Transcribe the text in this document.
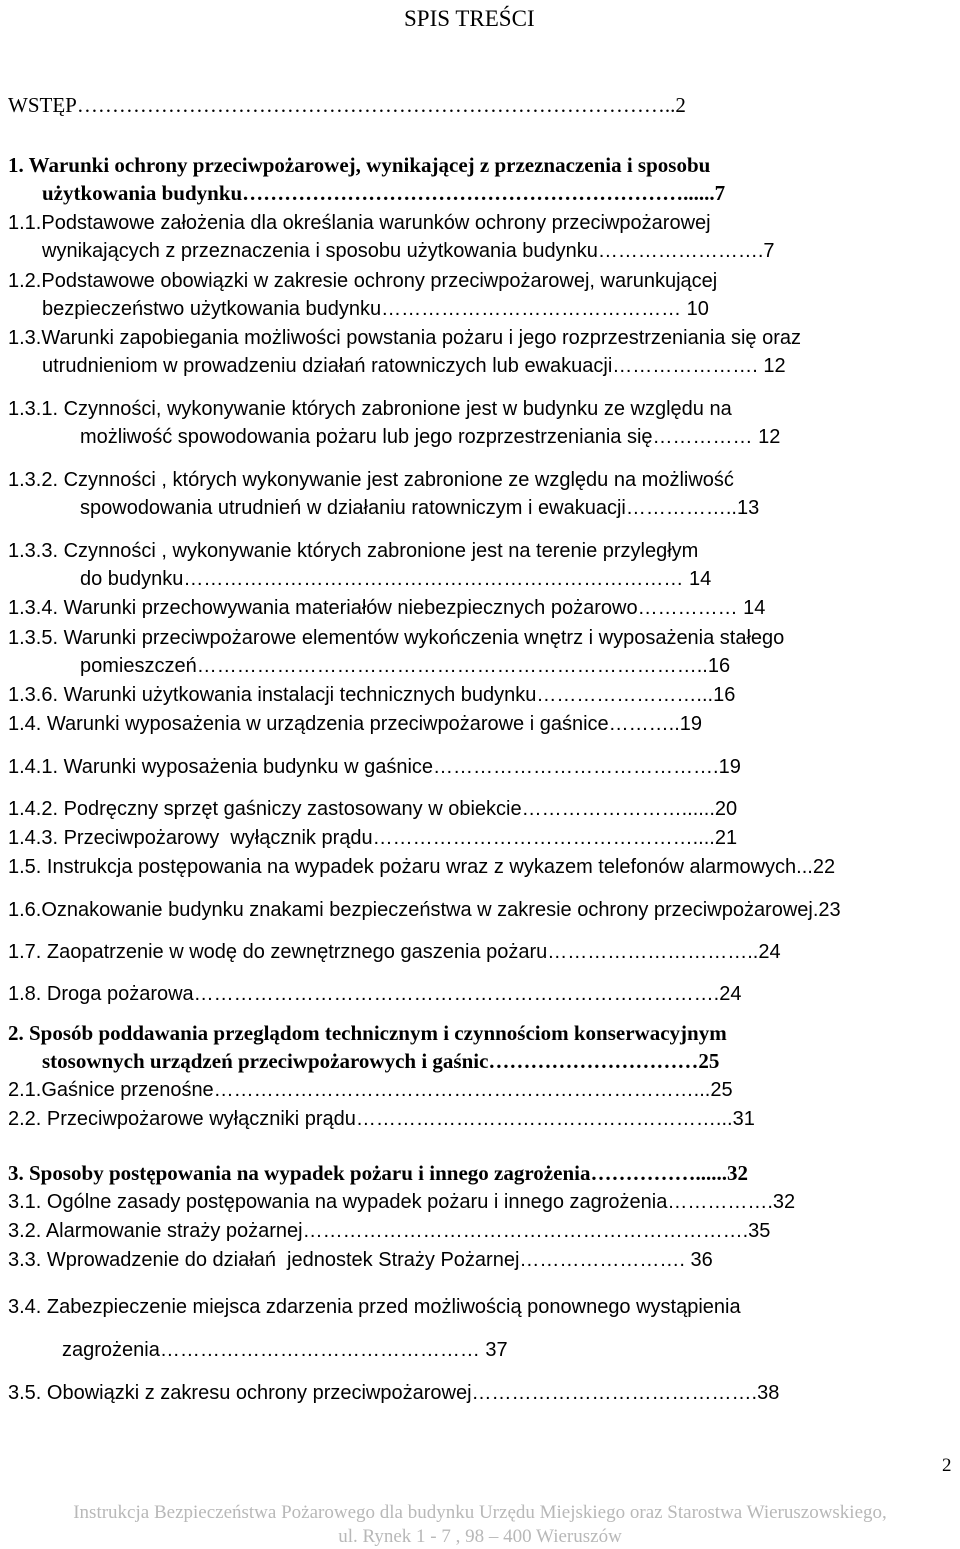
SPIS TREŚCI
WSTĘP…………………………………………………………………………..2
1. Warunki ochrony przeciwpożarowej, wynikającej z przeznaczenia i sposobu
użytkowania budynku………………………………………………………......7
1.1.Podstawowe założenia dla określania warunków ochrony przeciwpożarowej
wynikających z przeznaczenia i sposobu użytkowania budynku…………………….7
1.2.Podstawowe obowiązki w zakresie ochrony przeciwpożarowej, warunkującej
bezpieczeństwo użytkowania budynku……………………………………… 10
1.3.Warunki zapobiegania możliwości powstania pożaru i jego rozprzestrzeniania się oraz
utrudnieniom w prowadzeniu działań ratowniczych lub ewakuacji…………………. 12
1.3.1. Czynności, wykonywanie których zabronione jest w budynku ze względu na
możliwość spowodowania pożaru lub jego rozprzestrzeniania się…………… 12
1.3.2. Czynności , których wykonywanie jest zabronione ze względu na możliwość
spowodowania utrudnień w działaniu ratowniczym i ewakuacji……………..13
1.3.3. Czynności , wykonywanie których zabronione jest na terenie przyległym
do budynku………………………………………………………………… 14
1.3.4. Warunki przechowywania materiałów niebezpiecznych pożarowo…………… 14
1.3.5. Warunki przeciwpożarowe elementów wykończenia wnętrz i wyposażenia stałego
pomieszczeń…………………………………………………………………..16
1.3.6. Warunki użytkowania instalacji technicznych budynku……………………...16
1.4. Warunki wyposażenia w urządzenia przeciwpożarowe i gaśnice………..19
1.4.1. Warunki wyposażenia budynku w gaśnice…………………………………….19
1.4.2. Podręczny sprzęt gaśniczy zastosowany w obiekcie……………………......20
1.4.3. Przeciwpożarowy  wyłącznik prądu…………………………………………....21
1.5. Instrukcja postępowania na wypadek pożaru wraz z wykazem telefonów alarmowych...22
1.6.Oznakowanie budynku znakami bezpieczeństwa w zakresie ochrony przeciwpożarowej.23
1.7. Zaopatrzenie w wodę do zewnętrznego gaszenia pożaru…………………………..24
1.8. Droga pożarowa…………………………………………………………………….24
2. Sposób poddawania przeglądom technicznym i czynnościom konserwacyjnym
stosownych urządzeń przeciwpożarowych i gaśnic…………………………25
2.1.Gaśnice przenośne………………………………………………………………...25
2.2. Przeciwpożarowe wyłączniki prądu………………………………………………...31
3. Sposoby postępowania na wypadek pożaru i innego zagrożenia……………......32
3.1. Ogólne zasady postępowania na wypadek pożaru i innego zagrożenia…………….32
3.2. Alarmowanie straży pożarnej………………………………………………………….35
3.3. Wprowadzenie do działań  jednostek Straży Pożarnej……………………. 36
3.4. Zabezpieczenie miejsca zdarzenia przed możliwością ponownego wystąpienia
zagrożenia………………………………………… 37
3.5. Obowiązki z zakresu ochrony przeciwpożarowej…………………………………….38
2
Instrukcja Bezpieczeństwa Pożarowego dla budynku Urzędu Miejskiego oraz Starostwa Wieruszowskiego,
ul. Rynek 1 - 7 , 98 – 400 Wieruszów
